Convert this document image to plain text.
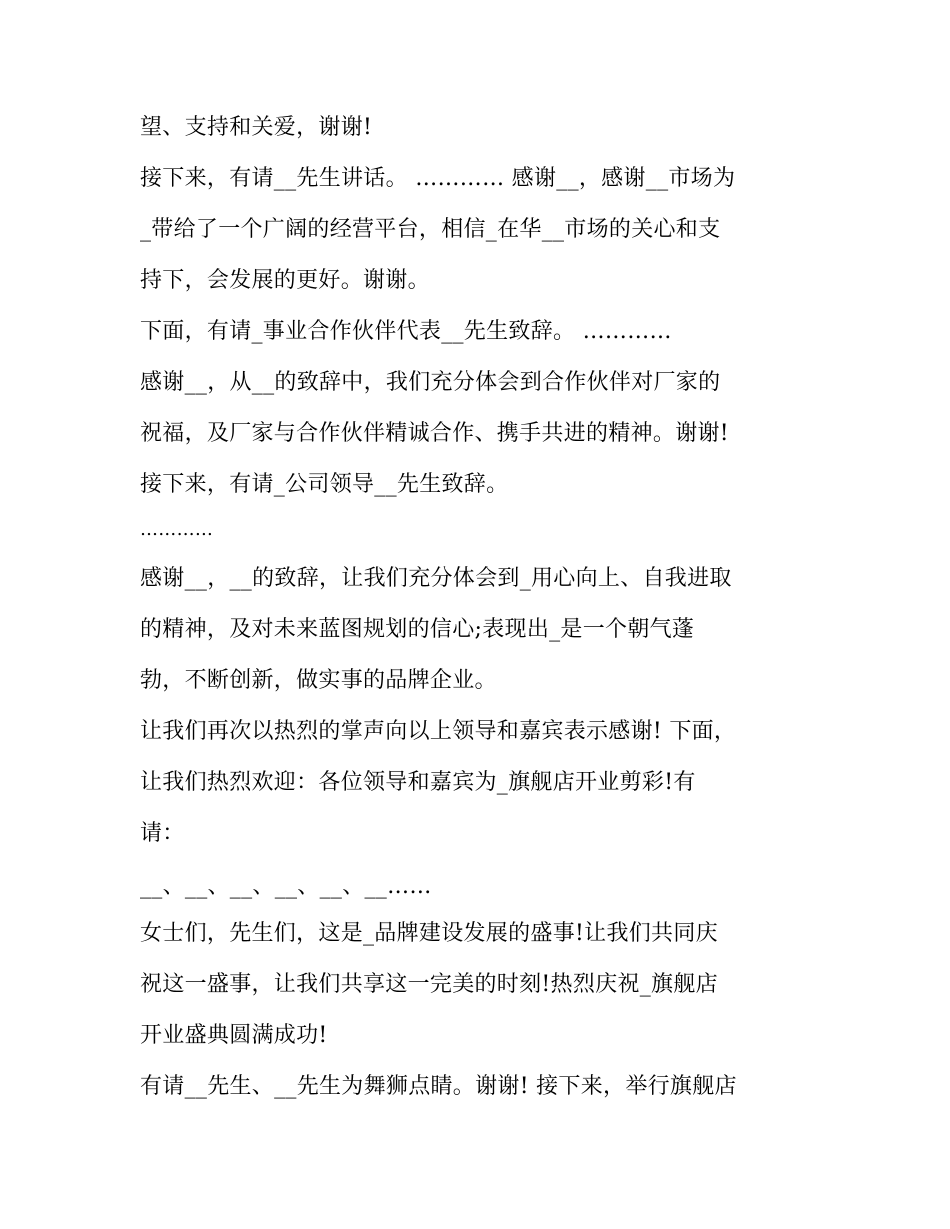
望、支持和关爱，谢谢!
接下来，有请__先生讲话。 ………… 感谢__，感谢__市场为
_带给了一个广阔的经营平台，相信_在华__市场的关心和支
持下，会发展的更好。谢谢。
下面，有请_事业合作伙伴代表__先生致辞。 …………
感谢__，从__的致辞中，我们充分体会到合作伙伴对厂家的
祝福，及厂家与合作伙伴精诚合作、携手共进的精神。谢谢!
接下来，有请_公司领导__先生致辞。
…………
感谢__，__的致辞，让我们充分体会到_用心向上、自我进取
的精神，及对未来蓝图规划的信心;表现出_是一个朝气蓬
勃，不断创新，做实事的品牌企业。
让我们再次以热烈的掌声向以上领导和嘉宾表示感谢! 下面，
让我们热烈欢迎：各位领导和嘉宾为_旗舰店开业剪彩!有
请：
__、__、__、__、__、__……
女士们，先生们，这是_品牌建设发展的盛事!让我们共同庆
祝这一盛事，让我们共享这一完美的时刻!热烈庆祝_旗舰店
开业盛典圆满成功!
有请__先生、__先生为舞狮点睛。谢谢! 接下来，举行旗舰店
